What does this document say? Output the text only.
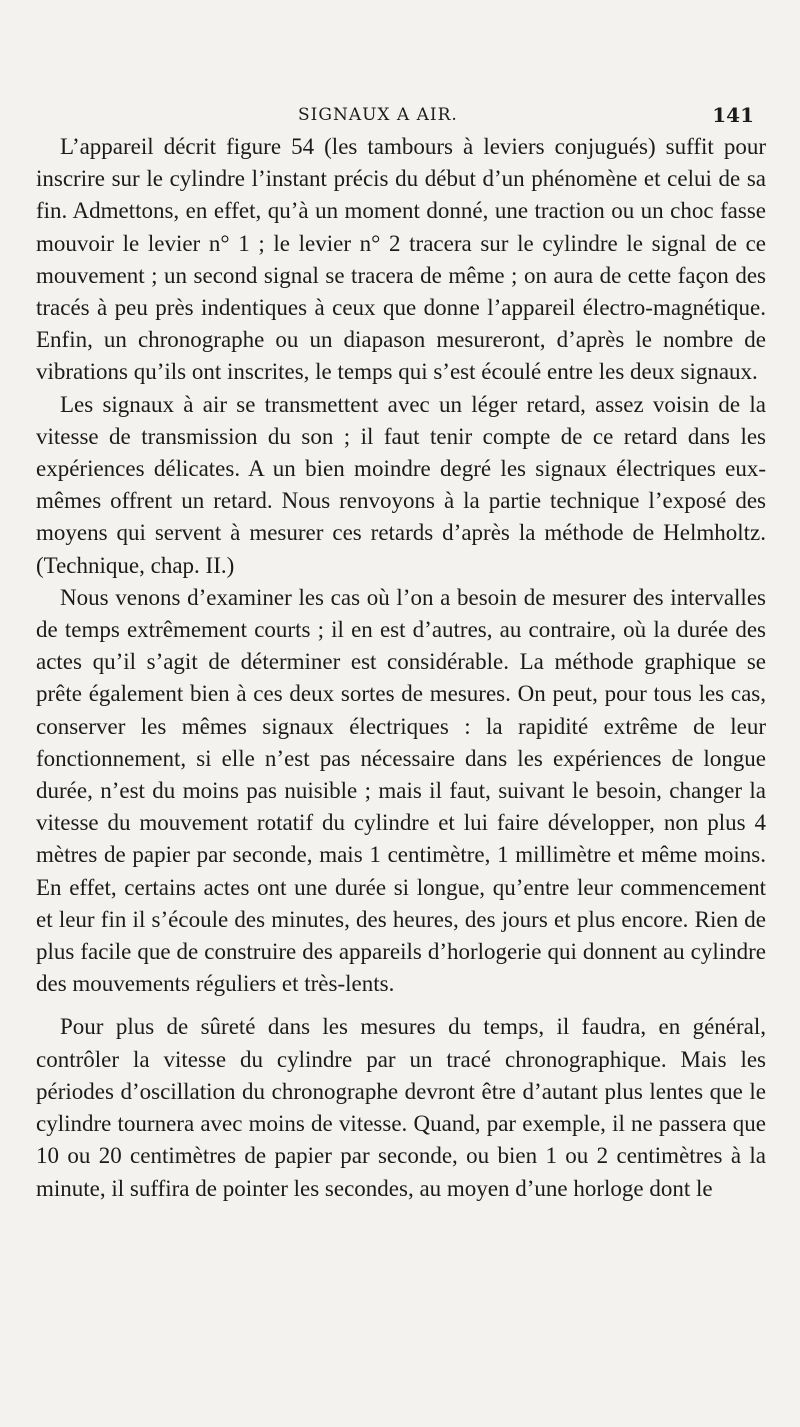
SIGNAUX A AIR.	141

L’appareil décrit figure 54 (les tambours à leviers conjugués) suffit pour inscrire sur le cylindre l’instant précis du début d’un phénomène et celui de sa fin. Admettons, en effet, qu’à un moment donné, une traction ou un choc fasse mouvoir le levier n° 1 ; le levier n° 2 tracera sur le cylindre le signal de ce mouvement ; un second signal se tracera de même ; on aura de cette façon des tracés à peu près indentiques à ceux que donne l’appareil électro-magnétique. Enfin, un chronographe ou un diapason mesureront, d’après le nombre de vibrations qu’ils ont inscrites, le temps qui s’est écoulé entre les deux signaux.

Les signaux à air se transmettent avec un léger retard, assez voisin de la vitesse de transmission du son ; il faut tenir compte de ce retard dans les expériences délicates. A un bien moindre degré les signaux électriques eux-mêmes offrent un retard. Nous renvoyons à la partie technique l’exposé des moyens qui servent à mesurer ces retards d’après la méthode de Helmholtz. (Technique, chap. II.)

Nous venons d’examiner les cas où l’on a besoin de mesurer des intervalles de temps extrêmement courts ; il en est d’autres, au contraire, où la durée des actes qu’il s’agit de déterminer est considérable. La méthode graphique se prête également bien à ces deux sortes de mesures. On peut, pour tous les cas, conserver les mêmes signaux électriques : la rapidité extrême de leur fonctionnement, si elle n’est pas nécessaire dans les expériences de longue durée, n’est du moins pas nuisible ; mais il faut, suivant le besoin, changer la vitesse du mouvement rotatif du cylindre et lui faire développer, non plus 4 mètres de papier par seconde, mais 1 centimètre, 1 millimètre et même moins. En effet, certains actes ont une durée si longue, qu’entre leur commencement et leur fin il s’écoule des minutes, des heures, des jours et plus encore. Rien de plus facile que de construire des appareils d’horlogerie qui donnent au cylindre des mouvements réguliers et très-lents.

Pour plus de sûreté dans les mesures du temps, il faudra, en général, contrôler la vitesse du cylindre par un tracé chronographique. Mais les périodes d’oscillation du chronographe devront être d’autant plus lentes que le cylindre tournera avec moins de vitesse. Quand, par exemple, il ne passera que 10 ou 20 centimètres de papier par seconde, ou bien 1 ou 2 centimètres à la minute, il suffira de pointer les secondes, au moyen d’une horloge dont le
